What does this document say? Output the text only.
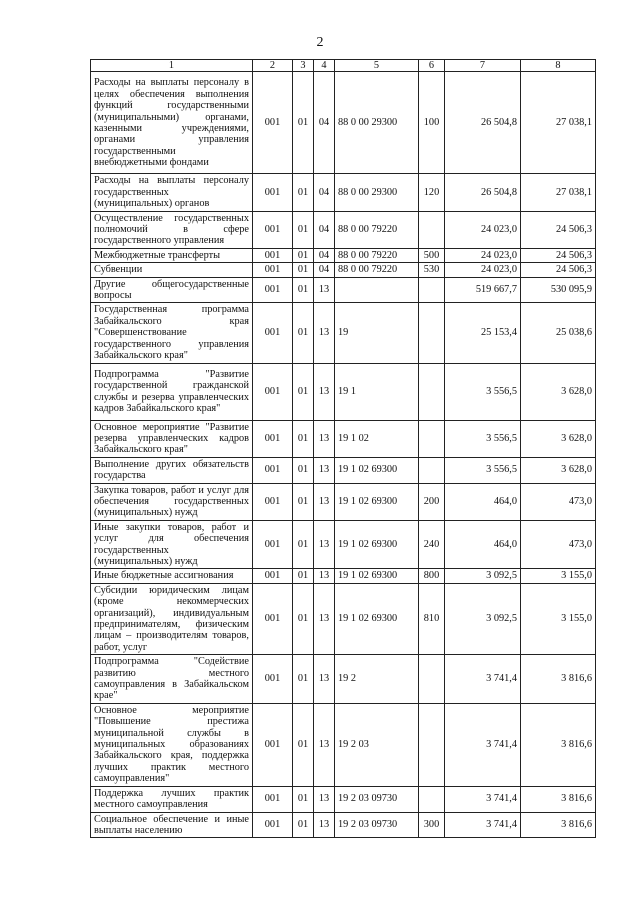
2
1	2	3	4	5	6	7	8
Расходы на выплаты персоналу в целях обеспечения выполнения функций государственными (муниципальными) органами, казенными учреждениями, органами управления государственными внебюджетными фондами	001	01	04	88 0 00 29300	100	26 504,8	27 038,1
Расходы на выплаты персоналу государственных (муниципальных) органов	001	01	04	88 0 00 29300	120	26 504,8	27 038,1
Осуществление государственных полномочий в сфере государственного управления	001	01	04	88 0 00 79220		24 023,0	24 506,3
Межбюджетные трансферты	001	01	04	88 0 00 79220	500	24 023,0	24 506,3
Субвенции	001	01	04	88 0 00 79220	530	24 023,0	24 506,3
Другие общегосударственные вопросы	001	01	13			519 667,7	530 095,9
Государственная программа Забайкальского края "Совершенствование государственного управления Забайкальского края"	001	01	13	19		25 153,4	25 038,6
Подпрограмма "Развитие государственной гражданской службы и резерва управленческих кадров Забайкальского края"	001	01	13	19 1		3 556,5	3 628,0
Основное мероприятие "Развитие резерва управленческих кадров Забайкальского края"	001	01	13	19 1 02		3 556,5	3 628,0
Выполнение других обязательств государства	001	01	13	19 1 02 69300		3 556,5	3 628,0
Закупка товаров, работ и услуг для обеспечения государственных (муниципальных) нужд	001	01	13	19 1 02 69300	200	464,0	473,0
Иные закупки товаров, работ и услуг для обеспечения государственных (муниципальных) нужд	001	01	13	19 1 02 69300	240	464,0	473,0
Иные бюджетные ассигнования	001	01	13	19 1 02 69300	800	3 092,5	3 155,0
Субсидии юридическим лицам (кроме некоммерческих организаций), индивидуальным предпринимателям, физическим лицам – производителям товаров, работ, услуг	001	01	13	19 1 02 69300	810	3 092,5	3 155,0
Подпрограмма "Содействие развитию местного самоуправления в Забайкальском крае"	001	01	13	19 2		3 741,4	3 816,6
Основное мероприятие "Повышение престижа муниципальной службы в муниципальных образованиях Забайкальского края, поддержка лучших практик местного самоуправления"	001	01	13	19 2 03		3 741,4	3 816,6
Поддержка лучших практик местного самоуправления	001	01	13	19 2 03 09730		3 741,4	3 816,6
Социальное обеспечение и иные выплаты населению	001	01	13	19 2 03 09730	300	3 741,4	3 816,6
